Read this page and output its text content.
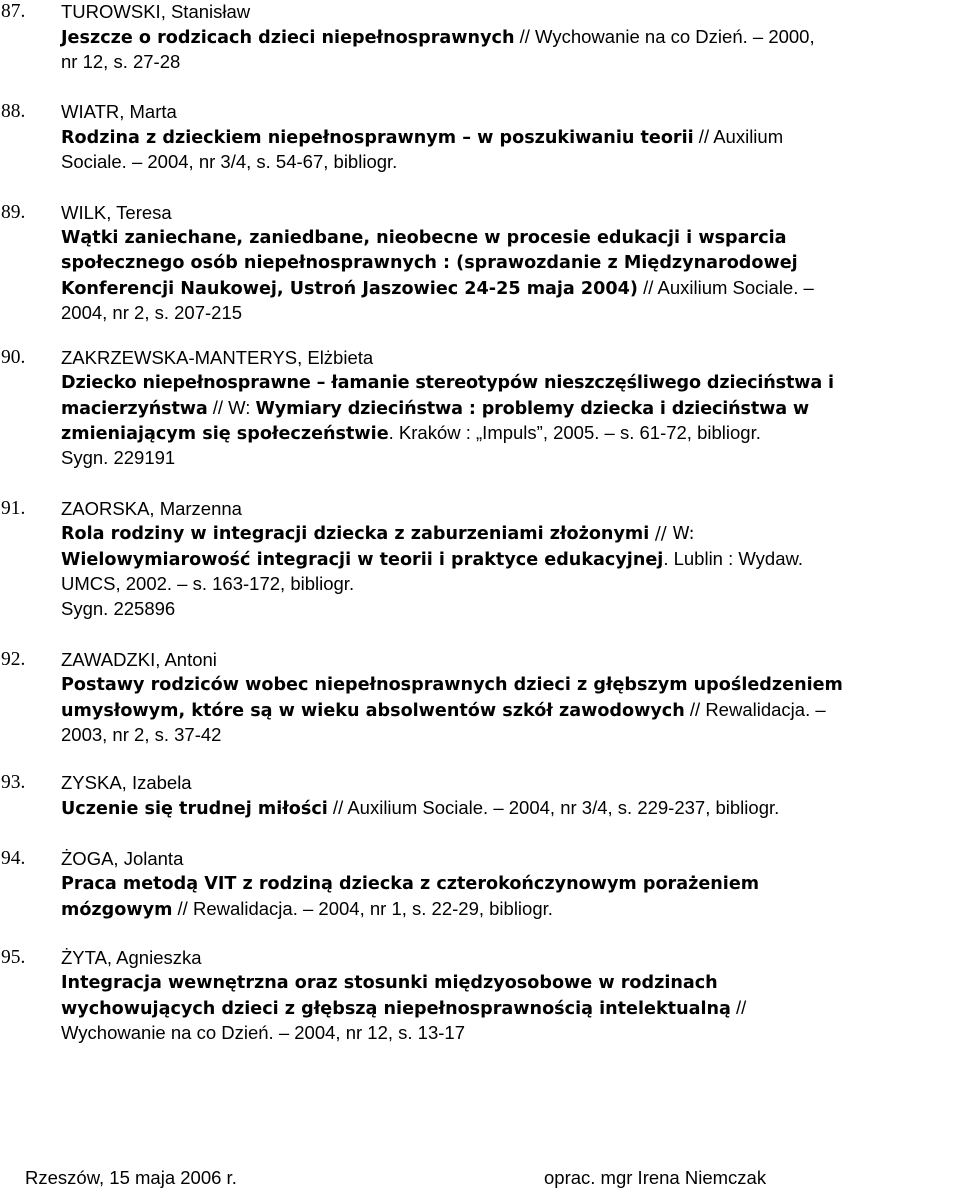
87. TUROWSKI, Stanisław
Jeszcze o rodzicach dzieci niepełnosprawnych // Wychowanie na co Dzień. – 2000,
nr 12, s. 27-28
88. WIATR, Marta
Rodzina z dzieckiem niepełnosprawnym – w poszukiwaniu teorii // Auxilium
Sociale. – 2004, nr 3/4, s. 54-67, bibliogr.
89. WILK, Teresa
Wątki zaniechane, zaniedbane, nieobecne w procesie edukacji i wsparcia
społecznego osób niepełnosprawnych : (sprawozdanie z Międzynarodowej
Konferencji Naukowej, Ustroń Jaszowiec 24-25 maja 2004) // Auxilium Sociale. –
2004, nr 2, s. 207-215
90. ZAKRZEWSKA-MANTERYS, Elżbieta
Dziecko niepełnosprawne – łamanie stereotypów nieszczęśliwego dzieciństwa i
macierzyństwa // W: Wymiary dzieciństwa : problemy dziecka i dzieciństwa w
zmieniającym się społeczeństwie. Kraków : „Impuls”, 2005. – s. 61-72, bibliogr.
Sygn. 229191
91. ZAORSKA, Marzenna
Rola rodziny w integracji dziecka z zaburzeniami złożonymi // W:
Wielowymiarowość integracji w teorii i praktyce edukacyjnej. Lublin : Wydaw.
UMCS, 2002. – s. 163-172, bibliogr.
Sygn. 225896
92. ZAWADZKI, Antoni
Postawy rodziców wobec niepełnosprawnych dzieci z głębszym upośledzeniem
umysłowym, które są w wieku absolwentów szkół zawodowych // Rewalidacja. –
2003, nr 2, s. 37-42
93. ZYSKA, Izabela
Uczenie się trudnej miłości // Auxilium Sociale. – 2004, nr 3/4, s. 229-237, bibliogr.
94. ŻOGA, Jolanta
Praca metodą VIT z rodziną dziecka z czterokończynowym porażeniem
mózgowym // Rewalidacja. – 2004, nr 1, s. 22-29, bibliogr.
95. ŻYTA, Agnieszka
Integracja wewnętrzna oraz stosunki międzyosobowe w rodzinach
wychowujących dzieci z głębszą niepełnosprawnością intelektualną //
Wychowanie na co Dzień. – 2004, nr 12, s. 13-17
Rzeszów, 15 maja 2006 r.	oprac. mgr Irena Niemczak
